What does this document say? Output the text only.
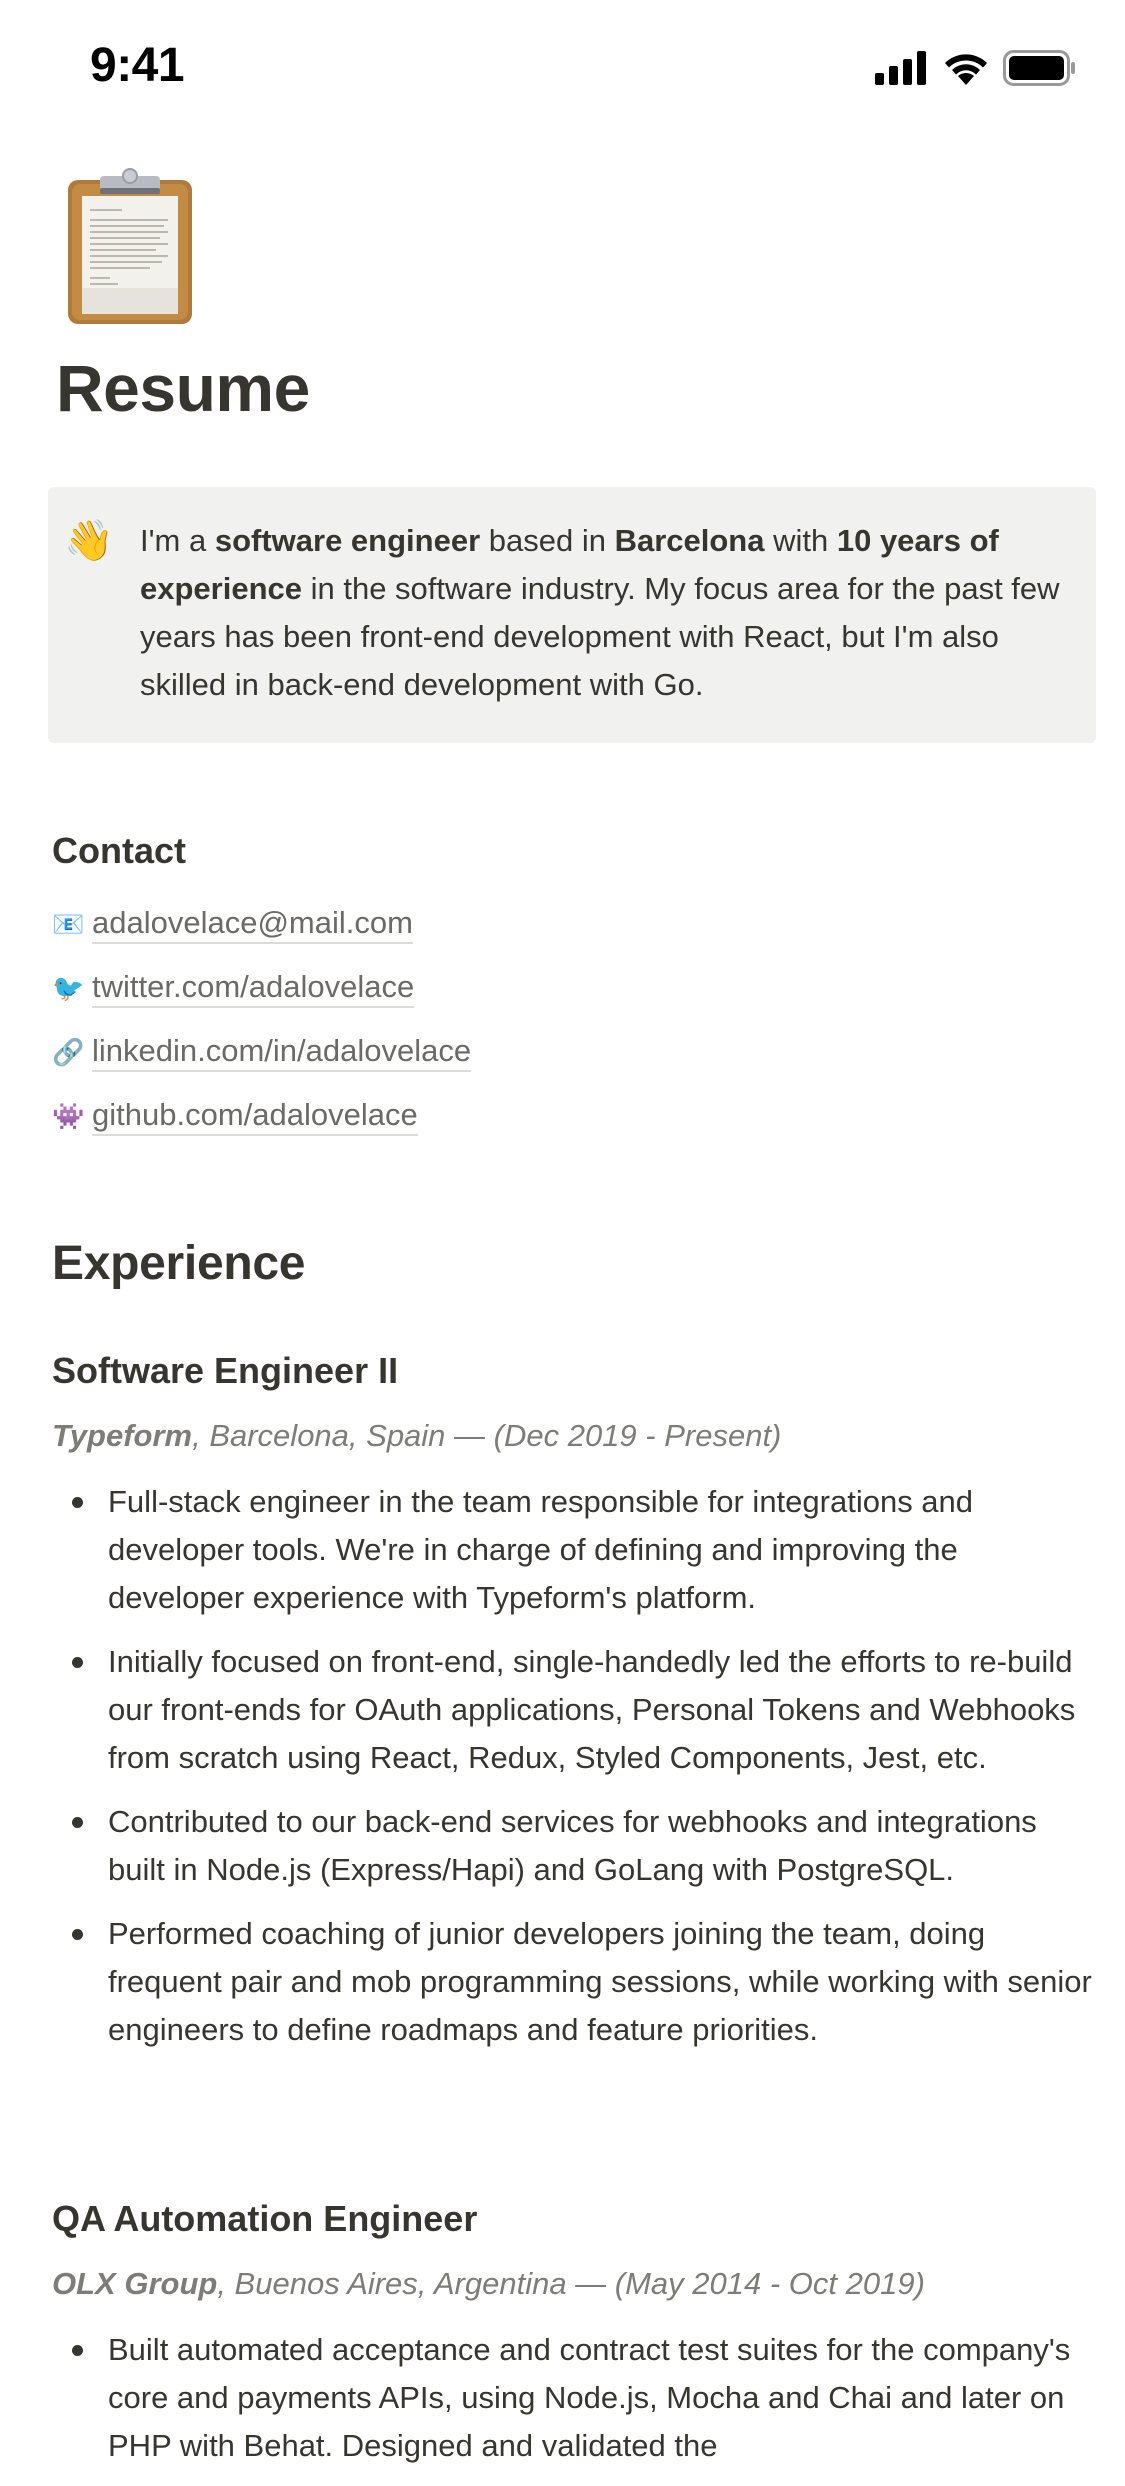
9:41
Resume
👋 I'm a software engineer based in Barcelona with 10 years of experience in the software industry. My focus area for the past few years has been front-end development with React, but I'm also skilled in back-end development with Go.
Contact
📧 adalovelace@mail.com
🐦 twitter.com/adalovelace
🔗 linkedin.com/in/adalovelace
👾 github.com/adalovelace
Experience
Software Engineer II
Typeform, Barcelona, Spain — (Dec 2019 - Present)
Full-stack engineer in the team responsible for integrations and developer tools. We're in charge of defining and improving the developer experience with Typeform's platform.
Initially focused on front-end, single-handedly led the efforts to re-build our front-ends for OAuth applications, Personal Tokens and Webhooks from scratch using React, Redux, Styled Components, Jest, etc.
Contributed to our back-end services for webhooks and integrations built in Node.js (Express/Hapi) and GoLang with PostgreSQL.
Performed coaching of junior developers joining the team, doing frequent pair and mob programming sessions, while working with senior engineers to define roadmaps and feature priorities.
QA Automation Engineer
OLX Group, Buenos Aires, Argentina — (May 2014 - Oct 2019)
Built automated acceptance and contract test suites for the company's core and payments APIs, using Node.js, Mocha and Chai and later on PHP with Behat. Designed and validated the
